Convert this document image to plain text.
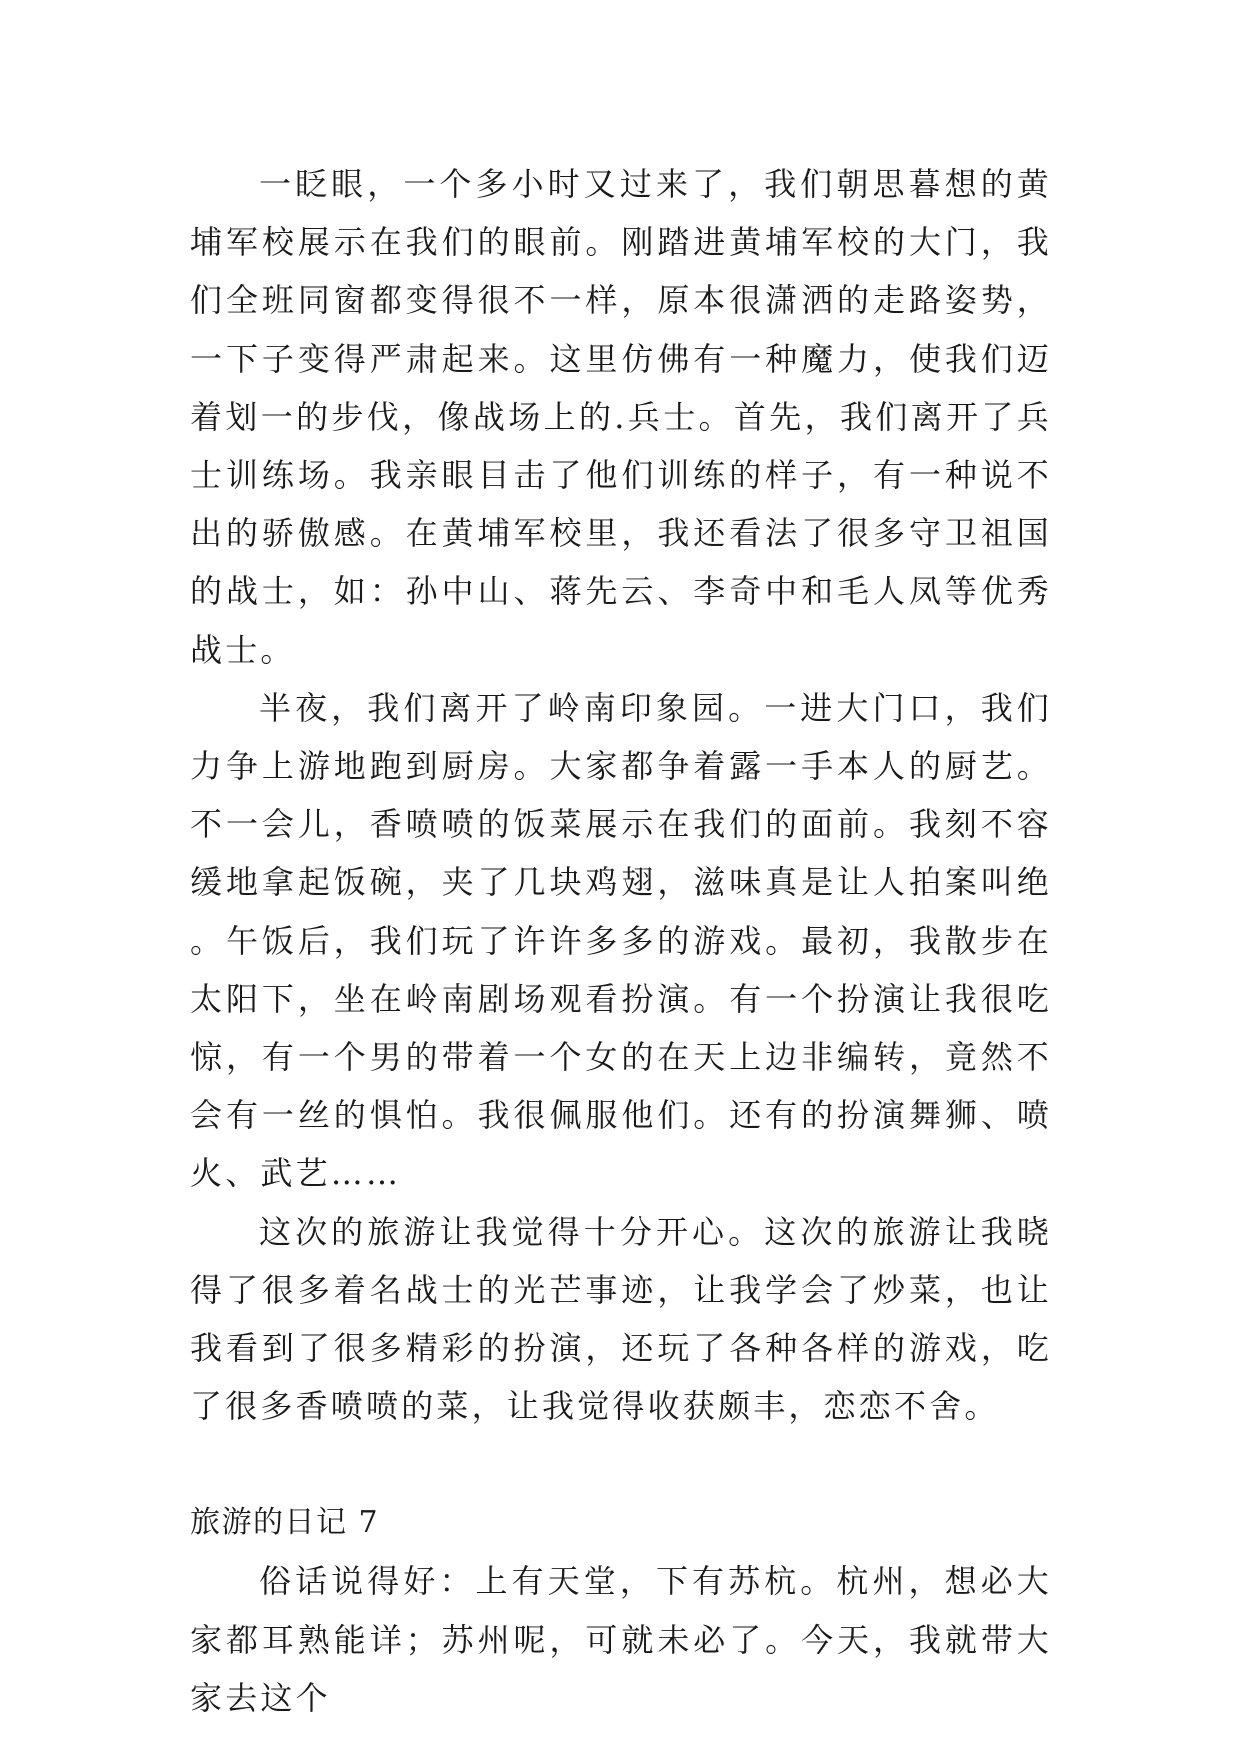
一眨眼，一个多小时又过来了，我们朝思暮想的黄埔军校展示在我们的眼前。刚踏进黄埔军校的大门，我们全班同窗都变得很不一样，原本很潇洒的走路姿势，一下子变得严肃起来。这里仿佛有一种魔力，使我们迈着划一的步伐，像战场上的.兵士。首先，我们离开了兵士训练场。我亲眼目击了他们训练的样子，有一种说不出的骄傲感。在黄埔军校里，我还看法了很多守卫祖国的战士，如：孙中山、蒋先云、李奇中和毛人凤等优秀战士。

半夜，我们离开了岭南印象园。一进大门口，我们力争上游地跑到厨房。大家都争着露一手本人的厨艺。不一会儿，香喷喷的饭菜展示在我们的面前。我刻不容缓地拿起饭碗，夹了几块鸡翅，滋味真是让人拍案叫绝。午饭后，我们玩了许许多多的游戏。最初，我散步在太阳下，坐在岭南剧场观看扮演。有一个扮演让我很吃惊，有一个男的带着一个女的在天上边非编转，竟然不会有一丝的惧怕。我很佩服他们。还有的扮演舞狮、喷火、武艺……

这次的旅游让我觉得十分开心。这次的旅游让我晓得了很多着名战士的光芒事迹，让我学会了炒菜，也让我看到了很多精彩的扮演，还玩了各种各样的游戏，吃了很多香喷喷的菜，让我觉得收获颇丰，恋恋不舍。

旅游的日记 7

俗话说得好：上有天堂，下有苏杭。杭州，想必大家都耳熟能详；苏州呢，可就未必了。今天，我就带大家去这个
